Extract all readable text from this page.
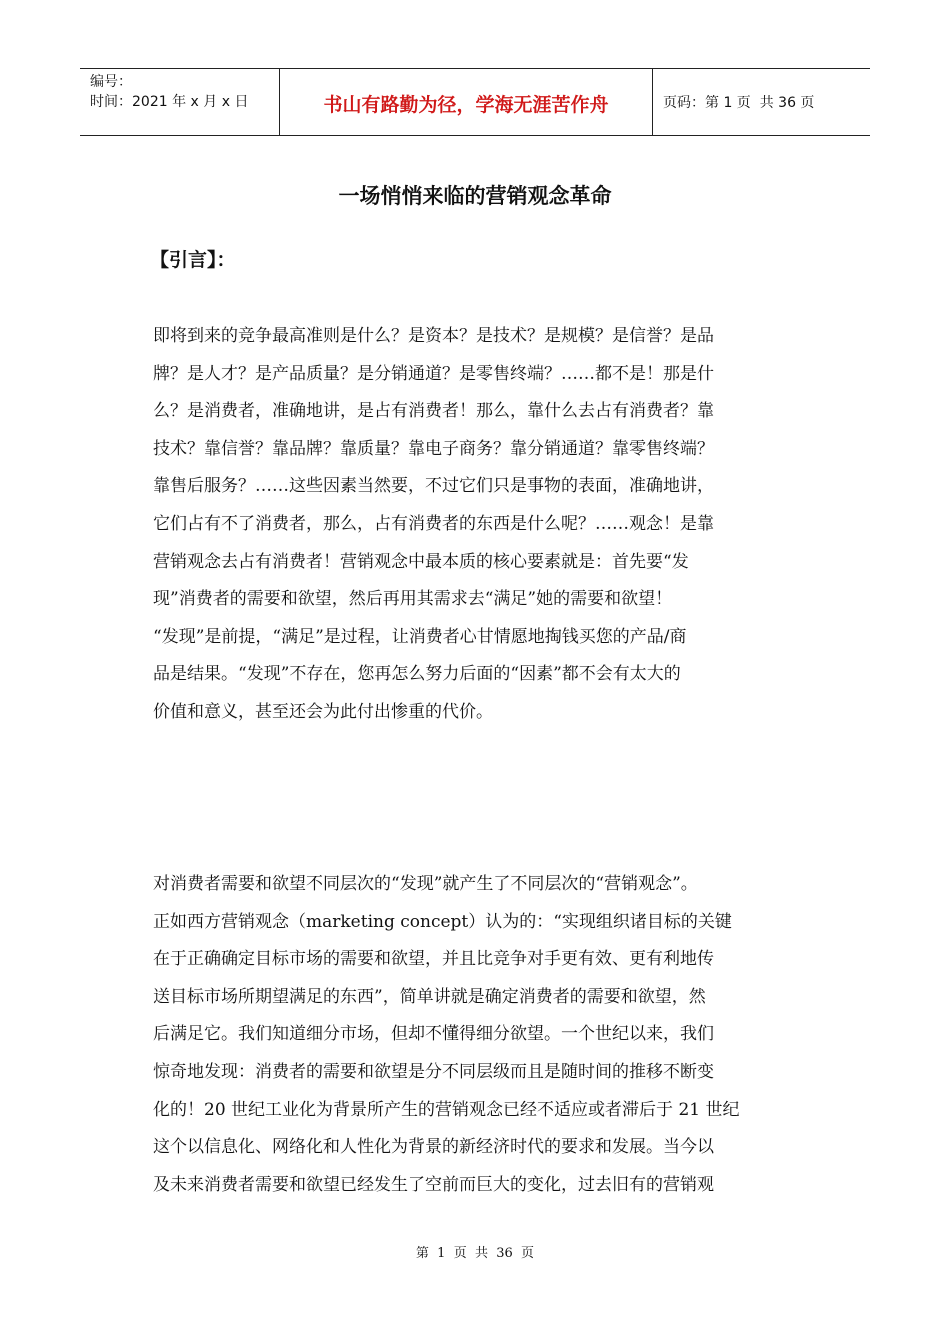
编号：
时间：2021 年 x 月 x 日	书山有路勤为径，学海无涯苦作舟	页码：第 1 页  共 36 页
一场悄悄来临的营销观念革命
【引言】：
即将到来的竞争最高准则是什么？是资本？是技术？是规模？是信誉？是品
牌？是人才？是产品质量？是分销通道？是零售终端？……都不是！那是什
么？是消费者，准确地讲，是占有消费者！那么，靠什么去占有消费者？靠
技术？靠信誉？靠品牌？靠质量？靠电子商务？靠分销通道？靠零售终端？
靠售后服务？……这些因素当然要，不过它们只是事物的表面，准确地讲，
它们占有不了消费者，那么，占有消费者的东西是什么呢？……观念！是靠
营销观念去占有消费者！营销观念中最本质的核心要素就是：首先要“发
现”消费者的需要和欲望，然后再用其需求去“满足”她的需要和欲望！
“发现”是前提，“满足”是过程，让消费者心甘情愿地掏钱买您的产品/商
品是结果。“发现”不存在，您再怎么努力后面的“因素”都不会有太大的
价值和意义，甚至还会为此付出惨重的代价。
对消费者需要和欲望不同层次的“发现”就产生了不同层次的“营销观念”。
正如西方营销观念（marketing concept）认为的：“实现组织诸目标的关键
在于正确确定目标市场的需要和欲望，并且比竞争对手更有效、更有利地传
送目标市场所期望满足的东西”，简单讲就是确定消费者的需要和欲望，然
后满足它。我们知道细分市场，但却不懂得细分欲望。一个世纪以来，我们
惊奇地发现：消费者的需要和欲望是分不同层级而且是随时间的推移不断变
化的！20 世纪工业化为背景所产生的营销观念已经不适应或者滞后于 21 世纪
这个以信息化、网络化和人性化为背景的新经济时代的要求和发展。当今以
及未来消费者需要和欲望已经发生了空前而巨大的变化，过去旧有的营销观
第  1  页  共  36  页
